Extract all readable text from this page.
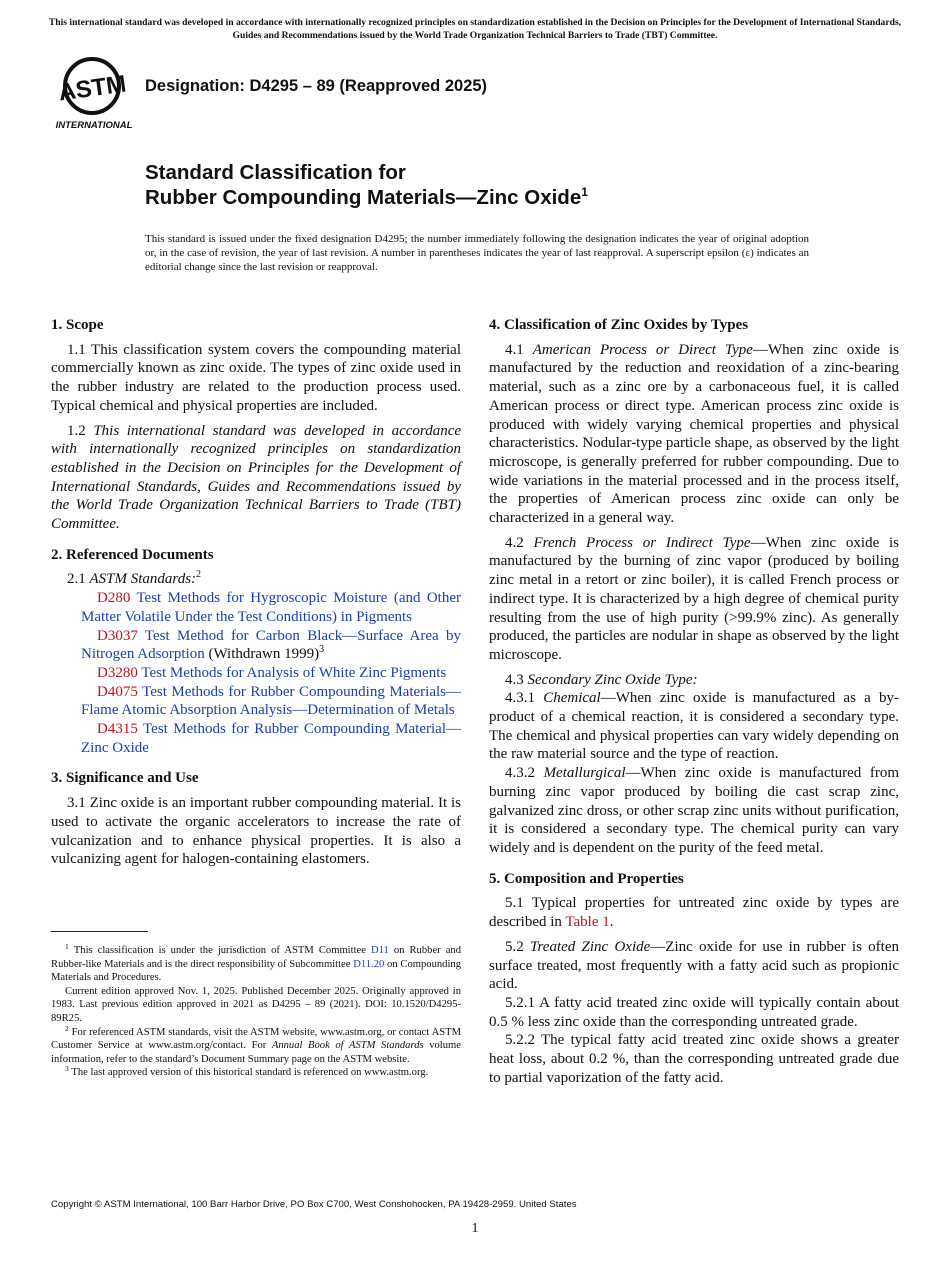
This international standard was developed in accordance with internationally recognized principles on standardization established in the Decision on Principles for the Development of International Standards, Guides and Recommendations issued by the World Trade Organization Technical Barriers to Trade (TBT) Committee.
ASTM
INTERNATIONAL
Designation: D4295 – 89 (Reapproved 2025)
Standard Classification for
Rubber Compounding Materials—Zinc Oxide$^1$
This standard is issued under the fixed designation D4295; the number immediately following the designation indicates the year of original adoption or, in the case of revision, the year of last revision. A number in parentheses indicates the year of last reapproval. A superscript epsilon (ε) indicates an editorial change since the last revision or reapproval.
1. Scope

1.1 This classification system covers the compounding material commercially known as zinc oxide. The types of zinc oxide used in the rubber industry are related to the production process used. Typical chemical and physical properties are included.

1.2 This international standard was developed in accordance with internationally recognized principles on standardization established in the Decision on Principles for the Development of International Standards, Guides and Recommendations issued by the World Trade Organization Technical Barriers to Trade (TBT) Committee.

2. Referenced Documents

2.1 ASTM Standards:$^2$

D280 Test Methods for Hygroscopic Moisture (and Other Matter Volatile Under the Test Conditions) in Pigments

D3037 Test Method for Carbon Black—Surface Area by Nitrogen Adsorption (Withdrawn 1999)$^3$

D3280 Test Methods for Analysis of White Zinc Pigments

D4075 Test Methods for Rubber Compounding Materials—Flame Atomic Absorption Analysis—Determination of Metals

D4315 Test Methods for Rubber Compounding Material—Zinc Oxide

3. Significance and Use

3.1 Zinc oxide is an important rubber compounding material. It is used to activate the organic accelerators to increase the rate of vulcanization and to enhance physical properties. It is also a vulcanizing agent for halogen-containing elastomers.

4. Classification of Zinc Oxides by Types

4.1 American Process or Direct Type—When zinc oxide is manufactured by the reduction and reoxidation of a zinc-bearing material, such as a zinc ore by a carbonaceous fuel, it is called American process or direct type. American process zinc oxide is produced with widely varying chemical properties and physical characteristics. Nodular-type particle shape, as observed by the light microscope, is generally preferred for rubber compounding. Due to wide variations in the material processed and in the process itself, the properties of American process zinc oxide can only be characterized in a general way.

4.2 French Process or Indirect Type—When zinc oxide is manufactured by the burning of zinc vapor (produced by boiling zinc metal in a retort or zinc boiler), it is called French process or indirect type. It is characterized by a high degree of chemical purity resulting from the use of high purity (>99.9% zinc). As generally produced, the particles are nodular in shape as observed by the light microscope.

4.3 Secondary Zinc Oxide Type:

4.3.1 Chemical—When zinc oxide is manufactured as a by-product of a chemical reaction, it is considered a secondary type. The chemical and physical properties can vary widely depending on the raw material source and the type of reaction.

4.3.2 Metallurgical—When zinc oxide is manufactured from burning zinc vapor produced by boiling die cast scrap zinc, galvanized zinc dross, or other scrap zinc units without purification, it is considered a secondary type. The chemical purity can vary widely and is dependent on the purity of the feed metal.

5. Composition and Properties

5.1 Typical properties for untreated zinc oxide by types are described in Table 1.

5.2 Treated Zinc Oxide—Zinc oxide for use in rubber is often surface treated, most frequently with a fatty acid such as propionic acid.

5.2.1 A fatty acid treated zinc oxide will typically contain about 0.5 % less zinc oxide than the corresponding untreated grade.

5.2.2 The typical fatty acid treated zinc oxide shows a greater heat loss, about 0.2 %, than the corresponding untreated grade due to partial vaporization of the fatty acid.

$^1$ This classification is under the jurisdiction of ASTM Committee D11 on Rubber and Rubber-like Materials and is the direct responsibility of Subcommittee D11.20 on Compounding Materials and Procedures.

Current edition approved Nov. 1, 2025. Published December 2025. Originally approved in 1983. Last previous edition approved in 2021 as D4295 – 89 (2021). DOI: 10.1520/D4295-89R25.

$^2$ For referenced ASTM standards, visit the ASTM website, www.astm.org, or contact ASTM Customer Service at www.astm.org/contact. For Annual Book of ASTM Standards volume information, refer to the standard’s Document Summary page on the ASTM website.

$^3$ The last approved version of this historical standard is referenced on www.astm.org.

Copyright © ASTM International, 100 Barr Harbor Drive, PO Box C700, West Conshohocken, PA 19428-2959. United States
1
